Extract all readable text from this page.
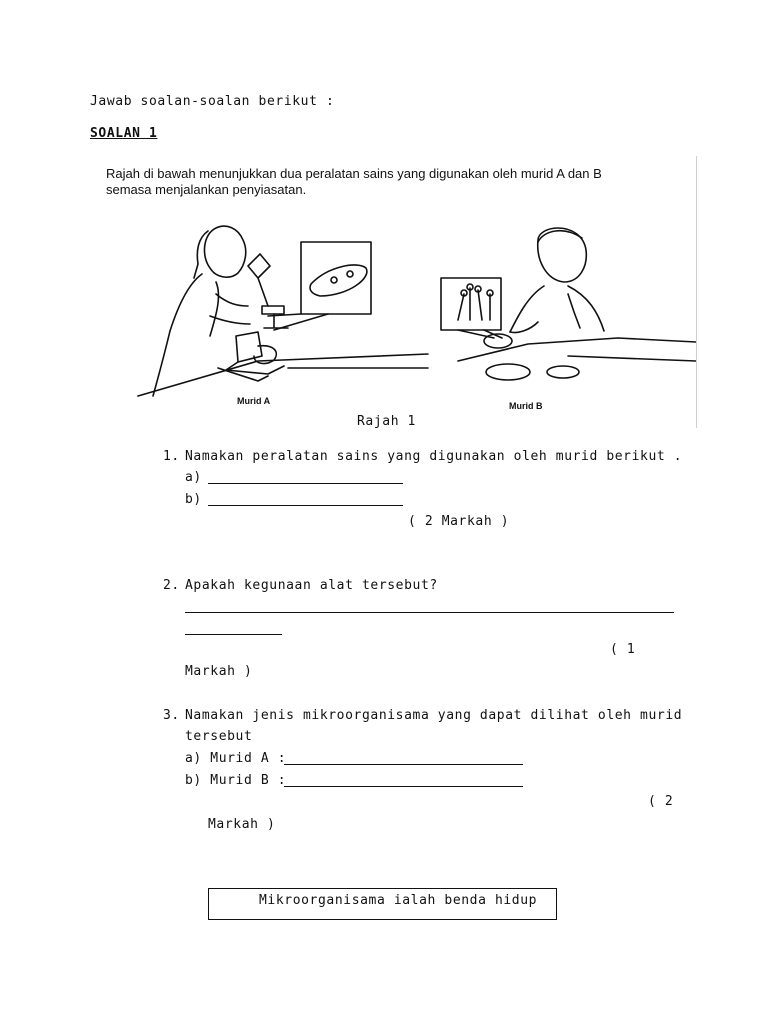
Jawab soalan-soalan berikut :
SOALAN 1
Rajah di bawah menunjukkan dua peralatan sains yang digunakan oleh murid A dan B
semasa menjalankan penyiasatan.
Murid A	Murid B
Rajah 1
1. Namakan peralatan sains yang digunakan oleh murid berikut .
a)
b)
( 2 Markah )
2. Apakah kegunaan alat tersebut?
( 1
Markah )
3. Namakan jenis mikroorganisama yang dapat dilihat oleh murid
tersebut
a) Murid A :
b) Murid B :
( 2
Markah )
Mikroorganisama ialah benda hidup
